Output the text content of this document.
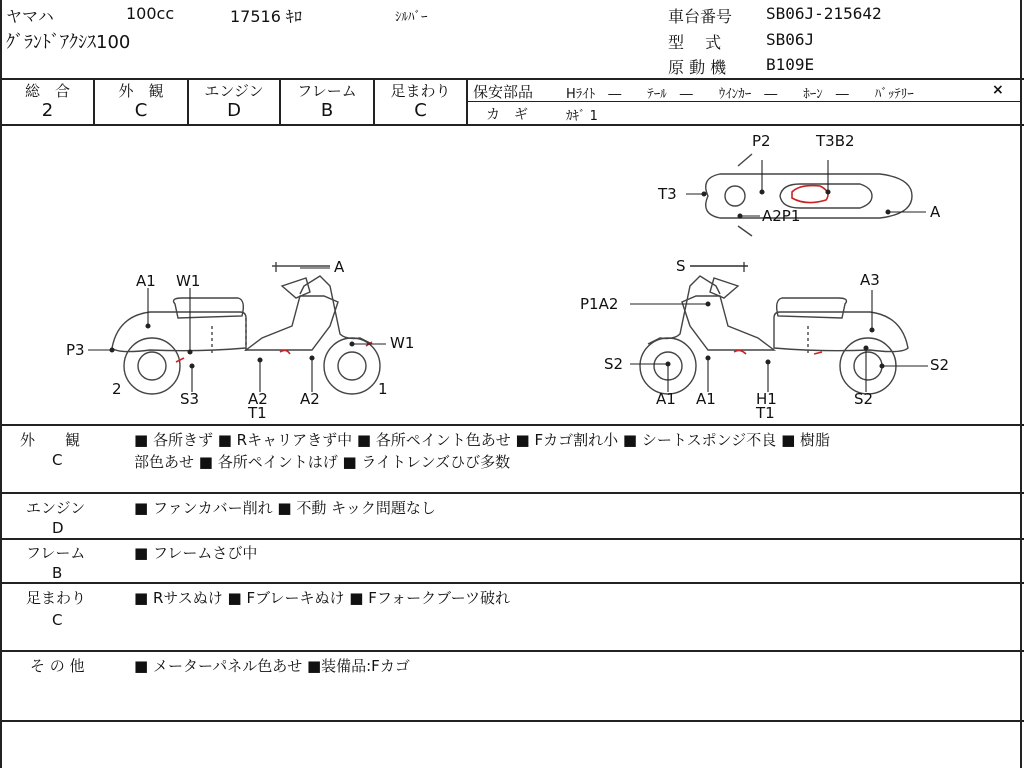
ヤマハ	100cc	17516 ｷﾛ	ｼﾙﾊﾞｰ
ｸﾞﾗﾝﾄﾞｱｸｼｽ100
車台番号 SB06J-215642
型　 式	SB06J
原 動 機 B109E
総　合
2
外　観
C
エンジン
D
フレーム
B
足まわり
C
保安部品	Hﾗｲﾄ　―　　ﾃｰﾙ　―　　ｳｲﾝｶｰ　―　　ﾎｰﾝ　―　　ﾊﾞｯﾃﾘｰ	×
カ　ギ	ｶｷﾞ 1
A1 W1
A
P3	W1
2	1
S3	A2
T1
A2
P2	T3B2
T3
A2P1	A
S
A3
P1A2
S2	S2
A1 A1	H1
T1
S2
外　　観
C
■ 各所きず ■ Rキャリアきず中 ■ 各所ペイント色あせ ■ Fカゴ割れ小 ■ シートスポンジ不良 ■ 樹脂
部色あせ ■ 各所ペイントはげ ■ ライトレンズひび多数
エンジン
D
■ ファンカバー削れ ■ 不動 キック問題なし
フレーム
B
■ フレームさび中
足まわり
C
■ Rサスぬけ ■ Fブレーキぬけ ■ Fフォークブーツ破れ
そ の 他	■ メーターパネル色あせ ■装備品:Fカゴ
